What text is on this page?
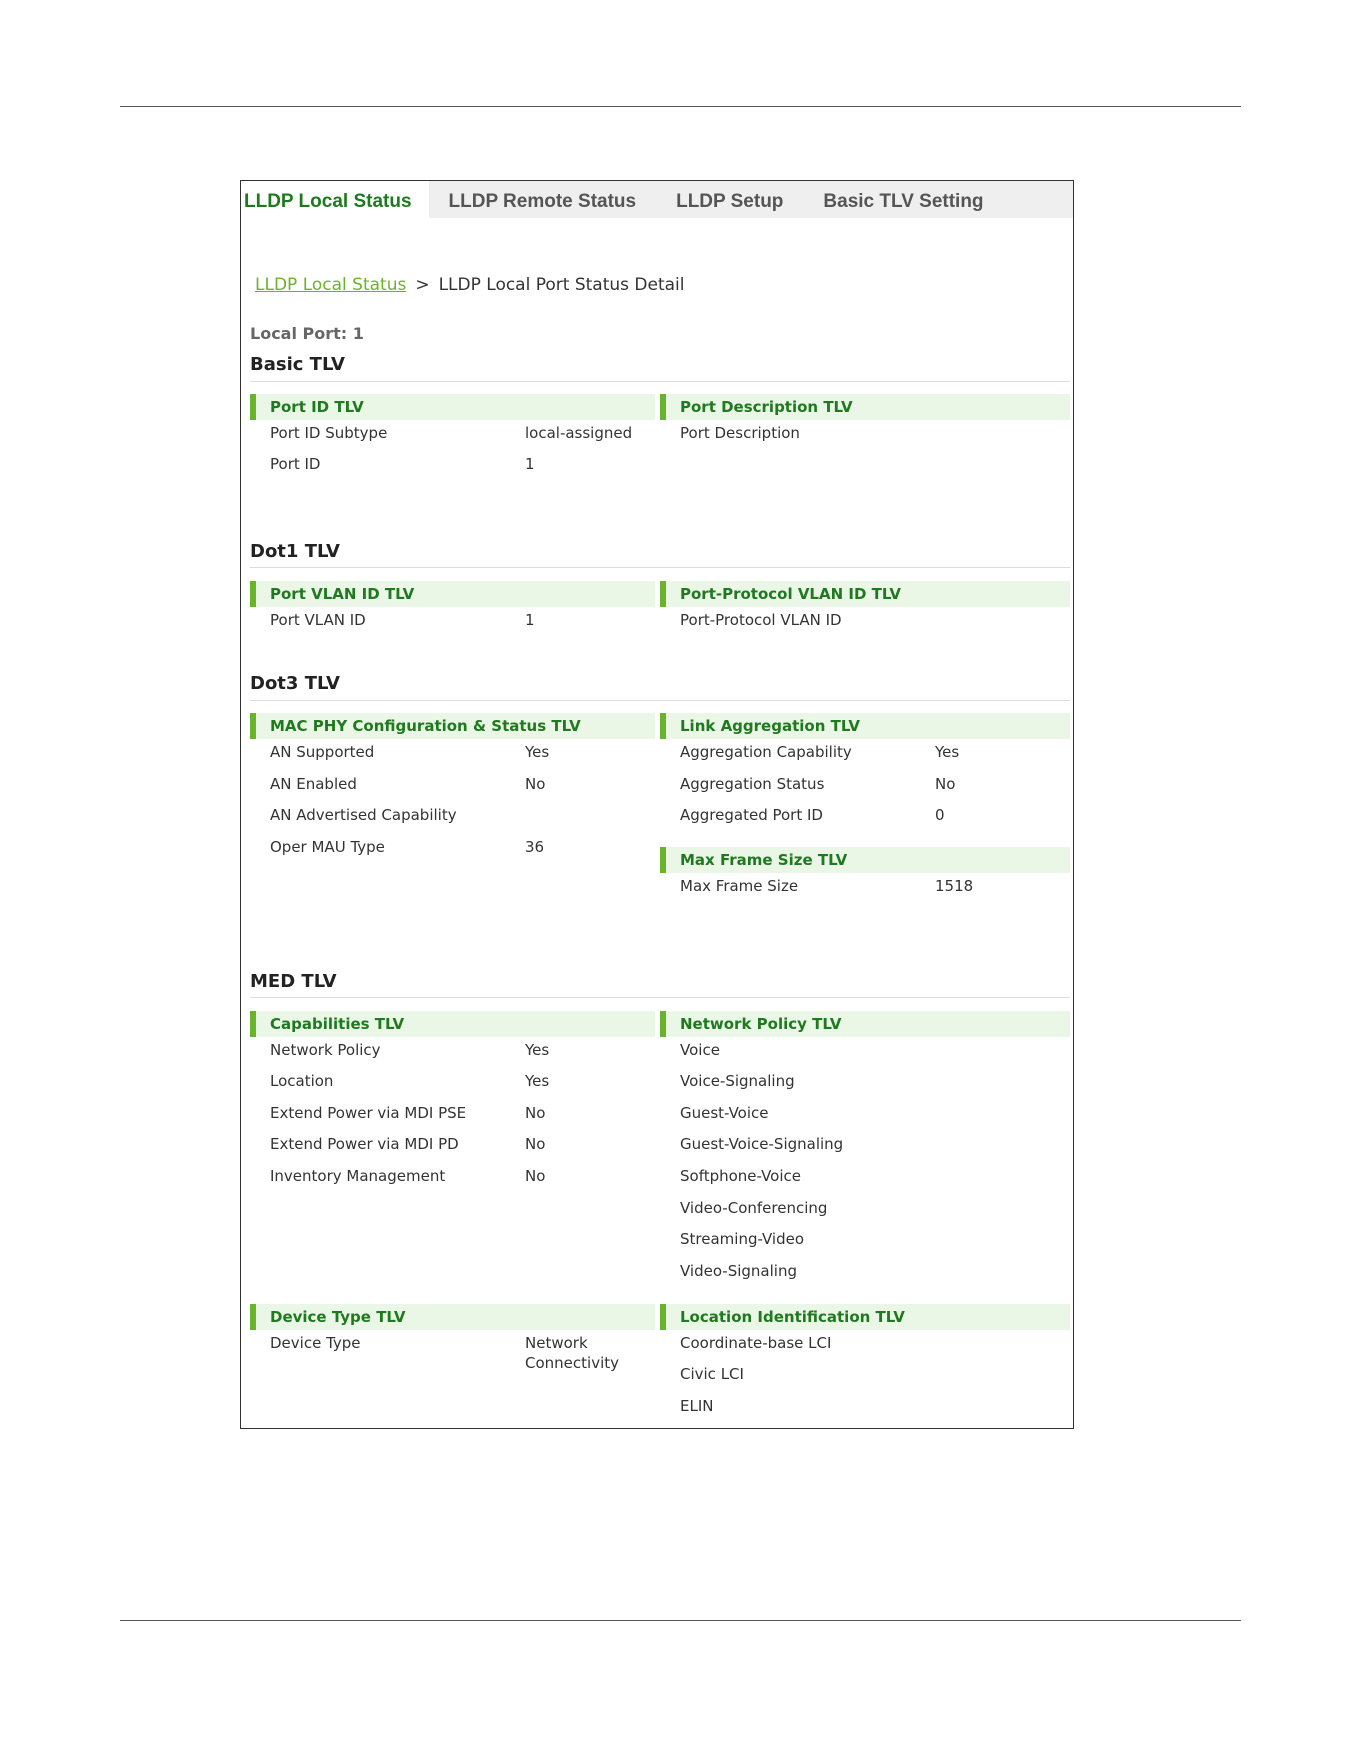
LLDP Local Status	LLDP Remote Status	LLDP Setup	Basic TLV Setting
LLDP Local Status > LLDP Local Port Status Detail
Local Port: 1
Basic TLV
Port ID TLV
Port ID Subtype	local-assigned
Port ID	1
Port Description TLV
Port Description
Dot1 TLV
Port VLAN ID TLV
Port VLAN ID	1
Port-Protocol VLAN ID TLV
Port-Protocol VLAN ID
Dot3 TLV
MAC PHY Configuration & Status TLV
AN Supported	Yes
AN Enabled	No
AN Advertised Capability
Oper MAU Type	36
Link Aggregation TLV
Aggregation Capability	Yes
Aggregation Status	No
Aggregated Port ID	0
Max Frame Size TLV
Max Frame Size	1518
MED TLV
Capabilities TLV
Network Policy	Yes
Location	Yes
Extend Power via MDI PSE	No
Extend Power via MDI PD	No
Inventory Management	No
Network Policy TLV
Voice
Voice-Signaling
Guest-Voice
Guest-Voice-Signaling
Softphone-Voice
Video-Conferencing
Streaming-Video
Video-Signaling
Device Type TLV
Device Type	Network Connectivity
Location Identification TLV
Coordinate-base LCI
Civic LCI
ELIN
